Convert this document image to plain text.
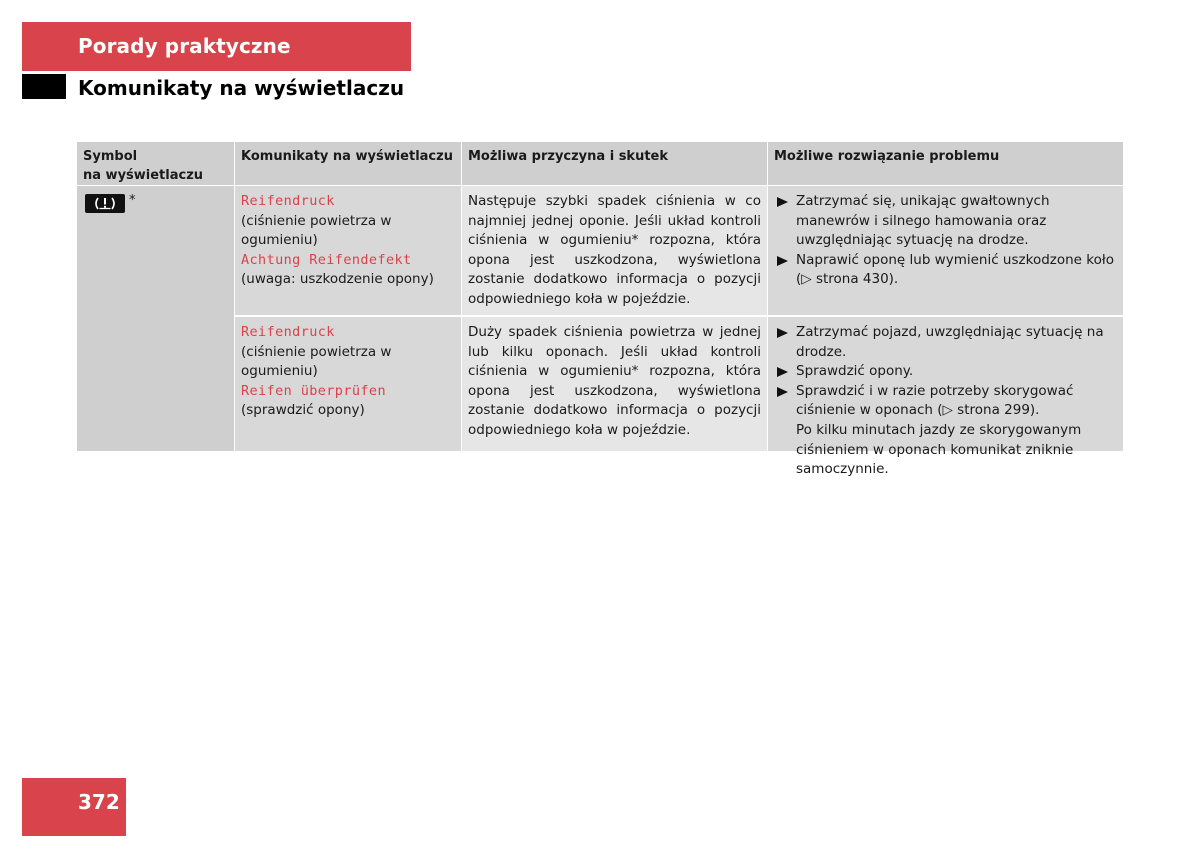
Porady praktyczne
Komunikaty na wyświetlaczu
Symbol
na wyświetlaczu
Komunikaty na wyświetlaczu Możliwa przyczyna i skutek	Możliwe rozwiązanie problemu
*	Reifendruck
(ciśnienie powietrza w ogumieniu)
Achtung Reifendefekt
(uwaga: uszkodzenie opony)
Następuje szybki spadek ciśnienia w co najmniej jednej oponie. Jeśli układ kontroli ciśnienia w ogumieniu* rozpozna, która opona jest uszkodzona, wyświetlona zostanie dodatkowo informacja o pozycji odpowiedniego koła w pojeździe.
Zatrzymać się, unikając gwałtownych manewrów i silnego hamowania oraz uwzględniając sytuację na drodze.
Naprawić oponę lub wymienić uszkodzone koło (▷ strona 430).
Reifendruck
(ciśnienie powietrza w ogumieniu)
Reifen überprüfen
(sprawdzić opony)
Duży spadek ciśnienia powietrza w jednej lub kilku oponach. Jeśli układ kontroli ciśnienia w ogumieniu* rozpozna, która opona jest uszkodzona, wyświetlona zostanie dodatkowo informacja o pozycji odpowiedniego koła w pojeździe.
Zatrzymać pojazd, uwzględniając sytuację na drodze.
Sprawdzić opony.
Sprawdzić i w razie potrzeby skorygować ciśnienie w oponach (▷ strona 299).
Po kilku minutach jazdy ze skorygowanym ciśnieniem w oponach komunikat zniknie samoczynnie.
372
